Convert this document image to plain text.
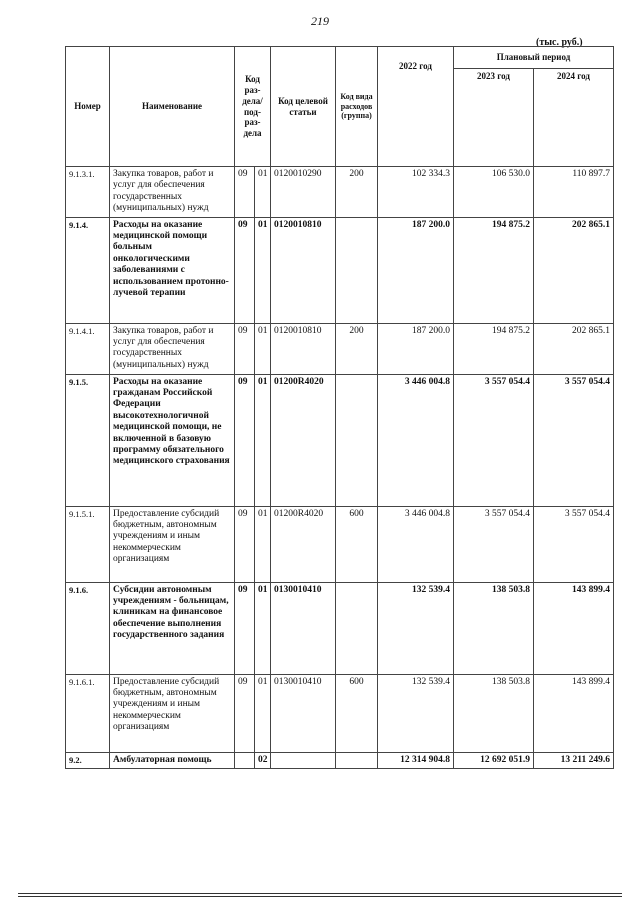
219
(тыс. руб.)
Номер	Наименование	Код раз-дела/ под-раз-дела		Код целевой статьи	Код вида расходов (группа)	2022 год	Плановый период	
							2023 год	2024 год
9.1.3.1.	Закупка товаров, работ и услуг для обеспечения государственных (муниципальных) нужд	09	01	0120010290	200	102 334.3	106 530.0	110 897.7
9.1.4.	Расходы на оказание медицинской помощи больным онкологическими заболеваниями с использованием протонно-лучевой терапии	09	01	0120010810		187 200.0	194 875.2	202 865.1
9.1.4.1.	Закупка товаров, работ и услуг для обеспечения государственных (муниципальных) нужд	09	01	0120010810	200	187 200.0	194 875.2	202 865.1
9.1.5.	Расходы на оказание гражданам Российской Федерации высокотехнологичной медицинской помощи, не включенной в базовую программу обязательного медицинского страхования	09	01	01200R4020		3 446 004.8	3 557 054.4	3 557 054.4
9.1.5.1.	Предоставление субсидий бюджетным, автономным учреждениям и иным некоммерческим организациям	09	01	01200R4020	600	3 446 004.8	3 557 054.4	3 557 054.4
9.1.6.	Субсидии автономным учреждениям - больницам, клиникам на финансовое обеспечение выполнения государственного задания	09	01	0130010410		132 539.4	138 503.8	143 899.4
9.1.6.1.	Предоставление субсидий бюджетным, автономным учреждениям и иным некоммерческим организациям	09	01	0130010410	600	132 539.4	138 503.8	143 899.4
9.2.	Амбулаторная помощь		02			12 314 904.8	12 692 051.9	13 211 249.6
